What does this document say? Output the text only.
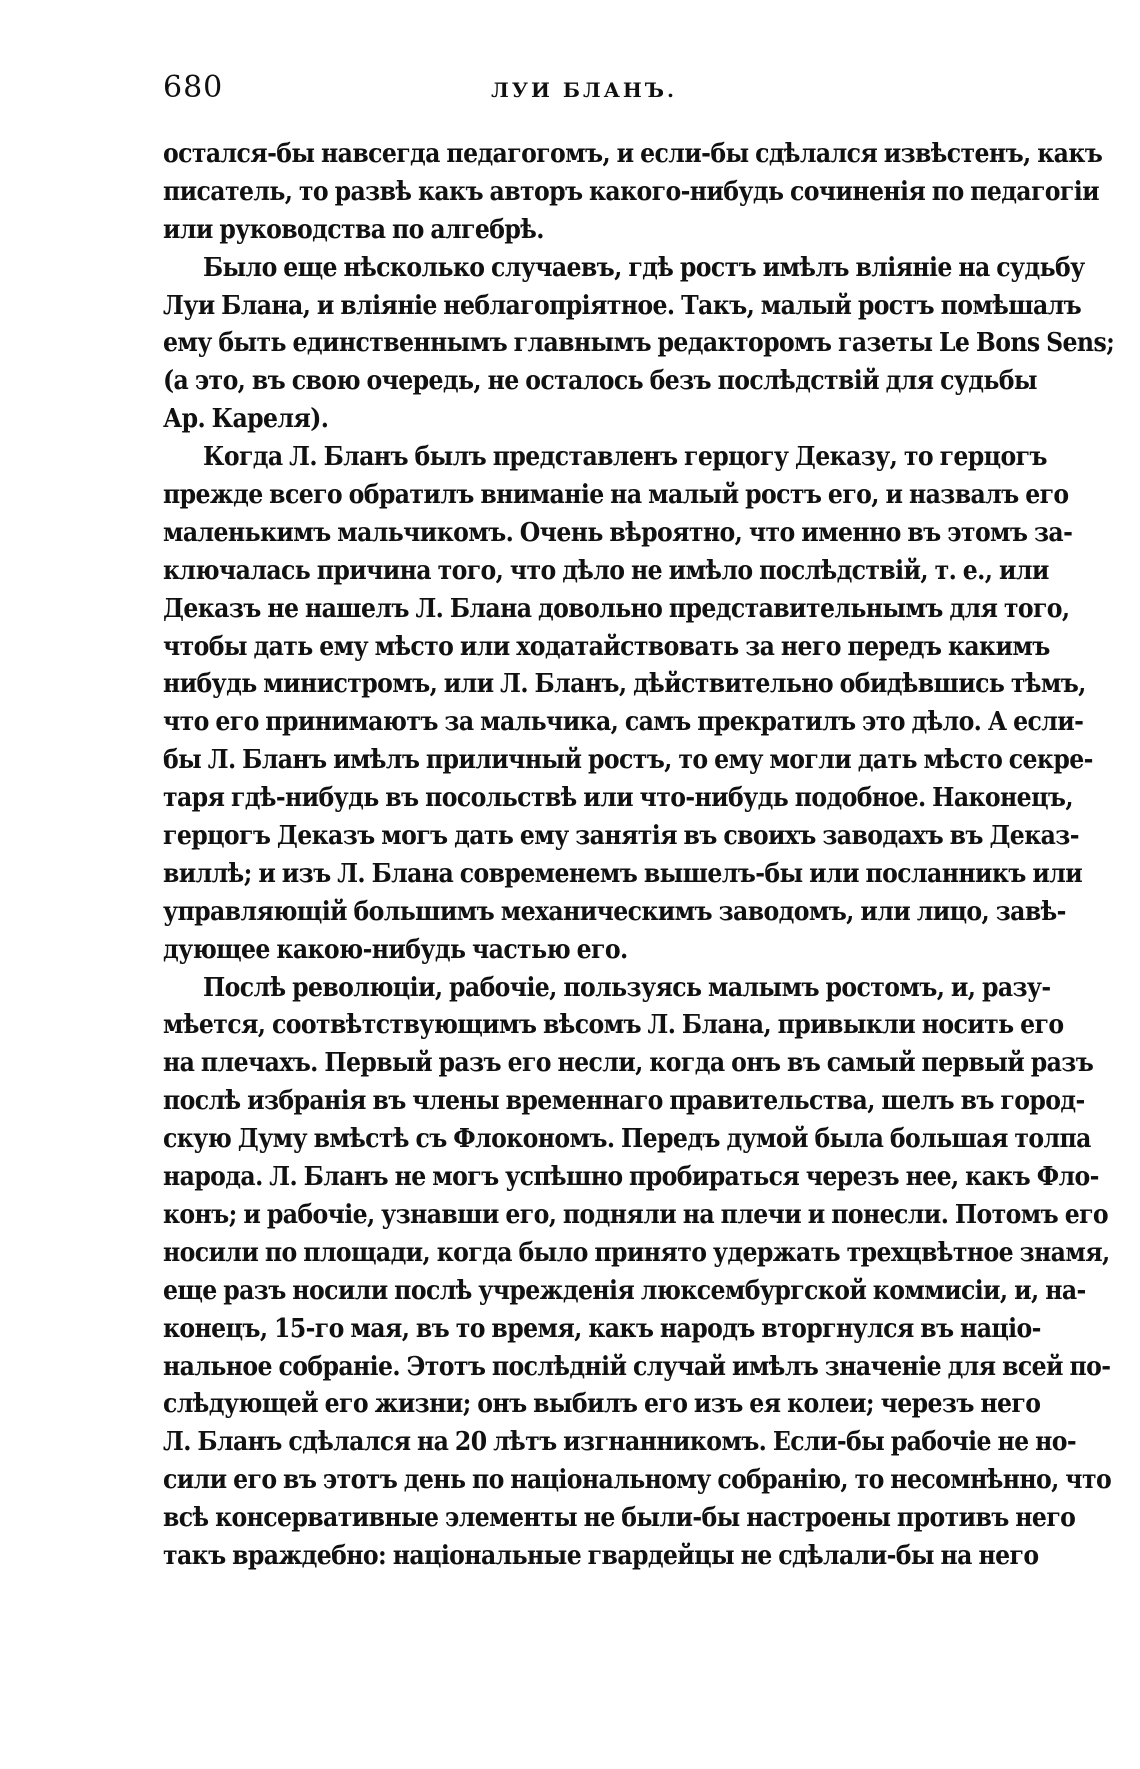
680	ЛУИ БЛАНЪ.
остался-бы навсегда педагогомъ, и если-бы сдѣлался извѣстенъ, какъ
писатель, то развѣ какъ авторъ какого-нибудь сочиненія по педагогіи
или руководства по алгебрѣ.
Было еще нѣсколько случаевъ, гдѣ ростъ имѣлъ вліяніе на судьбу
Луи Блана, и вліяніе неблагопріятное. Такъ, малый ростъ помѣшалъ
ему быть единственнымъ главнымъ редакторомъ газеты Le Bons Sens;
(а это, въ свою очередь, не осталось безъ послѣдствій для судьбы
Ар. Кареля).
Когда Л. Бланъ былъ представленъ герцогу Деказу, то герцогъ
прежде всего обратилъ вниманіе на малый ростъ его, и назвалъ его
маленькимъ мальчикомъ. Очень вѣроятно, что именно въ этомъ за-
ключалась причина того, что дѣло не имѣло послѣдствій, т. е., или
Деказъ не нашелъ Л. Блана довольно представительнымъ для того,
чтобы дать ему мѣсто или ходатайствовать за него передъ какимъ
нибудь министромъ, или Л. Бланъ, дѣйствительно обидѣвшись тѣмъ,
что его принимаютъ за мальчика, самъ прекратилъ это дѣло. А если-
бы Л. Бланъ имѣлъ приличный ростъ, то ему могли дать мѣсто секре-
таря гдѣ-нибудь въ посольствѣ или что-нибудь подобное. Наконецъ,
герцогъ Деказъ могъ дать ему занятія въ своихъ заводахъ въ Деказ-
виллѣ; и изъ Л. Блана современемъ вышелъ-бы или посланникъ или
управляющій большимъ механическимъ заводомъ, или лицо, завѣ-
дующее какою-нибудь частью его.
Послѣ революціи, рабочіе, пользуясь малымъ ростомъ, и, разу-
мѣется, соотвѣтствующимъ вѣсомъ Л. Блана, привыкли носить его
на плечахъ. Первый разъ его несли, когда онъ въ самый первый разъ
послѣ избранія въ члены временнаго правительства, шелъ въ город-
скую Думу вмѣстѣ съ Флокономъ. Передъ думой была большая толпа
народа. Л. Бланъ не могъ успѣшно пробираться черезъ нее, какъ Фло-
конъ; и рабочіе, узнавши его, подняли на плечи и понесли. Потомъ его
носили по площади, когда было принято удержать трехцвѣтное знамя,
еще разъ носили послѣ учрежденія люксембургской коммисіи, и, на-
конецъ, 15-го мая, въ то время, какъ народъ вторгнулся въ націо-
нальное собраніе. Этотъ послѣдній случай имѣлъ значеніе для всей по-
слѣдующей его жизни; онъ выбилъ его изъ ея колеи; черезъ него
Л. Бланъ сдѣлался на 20 лѣтъ изгнанникомъ. Если-бы рабочіе не но-
сили его въ этотъ день по національному собранію, то несомнѣнно, что
всѣ консервативные элементы не были-бы настроены противъ него
такъ враждебно: національные гвардейцы не сдѣлали-бы на него
